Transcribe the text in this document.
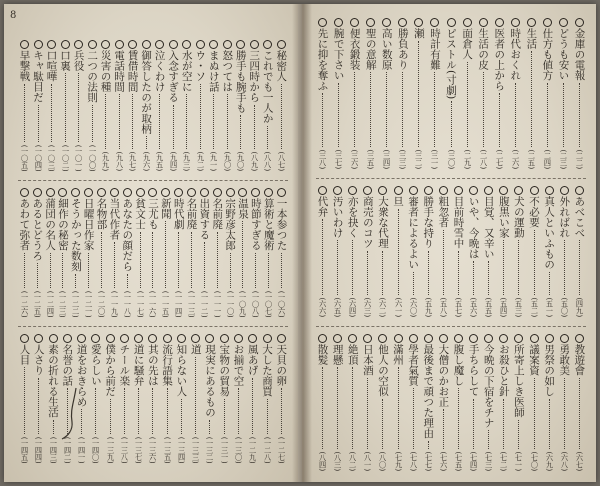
8
秘密人
(八七)
これでも一人か
(八八)
三四時から
(八九)
勝手も腕手も
(九〇)
怒つては
(九〇)
まぬけ話
(九一)
ウ・ソ
(九二)
水が空に
(九三)
入念すぎる
(九四)
泣くわけ
(九五)
御答したのが取柄
(九六)
賃借時間
(九七)
電話時間
(九八)
災害の種
(九九)
二つの法則
(一〇〇)
兵役
(一〇一)
口裏
(一〇二)
口喧嘩
(一〇三)
キャ駄目だ
(一〇四)
早撃戦
(一〇五)
一本参つた
(一〇六)
算術と魔術
(一〇七)
時節すぎる
(一〇八)
温泉
(一〇九)
宗野彦太郎
(一一〇)
名前廃
(一一一)
出資する
(一一二)
名前廃
(一一三)
時代劇
(一一四)
新聞
(一一五)
三尤も
(一一六)
貧文士
(一一七)
あなたの顔だら
(一一八)
当代作者
(一一九)
名物部
(一二〇)
日曜日作家
(一二一)
そうかった数刻
(一二二)
細作の秘密
(一二三)
蒲団の名人
(一二四)
あるとどうろ
(一二五)
あわて弥者
(一二六)
天貝の卵
(一二七)
大した商買
(一二八)
風あげ
(一二九)
お揃で空
(一三〇)
宝物の貿易
(一三一)
現実にあるもの
(一三二)
道
(一三三)
知らない人
(一三四)
流行語集
(一三五)
其の先は
(一三六)
道に騒弁
(一三七)
チール楽
(一三八)
僕から前だ
(一三九)
愛らしい
(一四〇)
道をおきらめ
(一四一)
名誉の話
(一四二)
素の折れる生活
(一四三)
人さり
(一四四)
人目
(一四五)
金庫の電報
(二二)
どうも安い
(二三)
仕方も値方
(二四)
生活
(二五)
時代おくれ
(二六)
医者の上から
(二七)
生活の皮
(二八)
面倉人
(二九)
ピストル(寸劇)
(三〇)
時計有難
(三一)
瀬
(三二)
勝負あり
(三三)
高い数原
(三四)
聖の意解
(三五)
便衣鍛装
(三六)
腕で下さい
(三七)
先に抑を奪ふ
(三八)
あべこべ
(四九)
外ればれ
(五〇)
真人といふもの
(五一)
不必要
(五二)
犬の運動
(五三)
腹黒い家
(五四)
目覚、又辛い
(五五)
いや、今晩は
(五六)
目前時雪中
(五七)
粗忽者
(五八)
勝手な持り
(五九)
審者によるよい
(六〇)
旦
(六一)
大衆な代理
(六二)
商売のコツ
(六三)
亦を抉く
(六四)
汚いわけ
(六五)
代弁
(六六)
教遊會
(六七)
勇敢美
(六八)
男祭の如し
(六九)
議案資
(七〇)
所寄上しき医師
(七一)
お殺ひと針
(七二)
今晩の下宿をチナ
(七三)
手ちらして
(七四)
腹し魔し
(七五)
大僧のかお正
(七六)
最後まで頑つた理由
(七七)
學者氣質
(七八)
滿州
(七九)
他人の空似
(八〇)
日本酒
(八一)
絶頂
(八二)
理懸
(八三)
散髪
(八四)
